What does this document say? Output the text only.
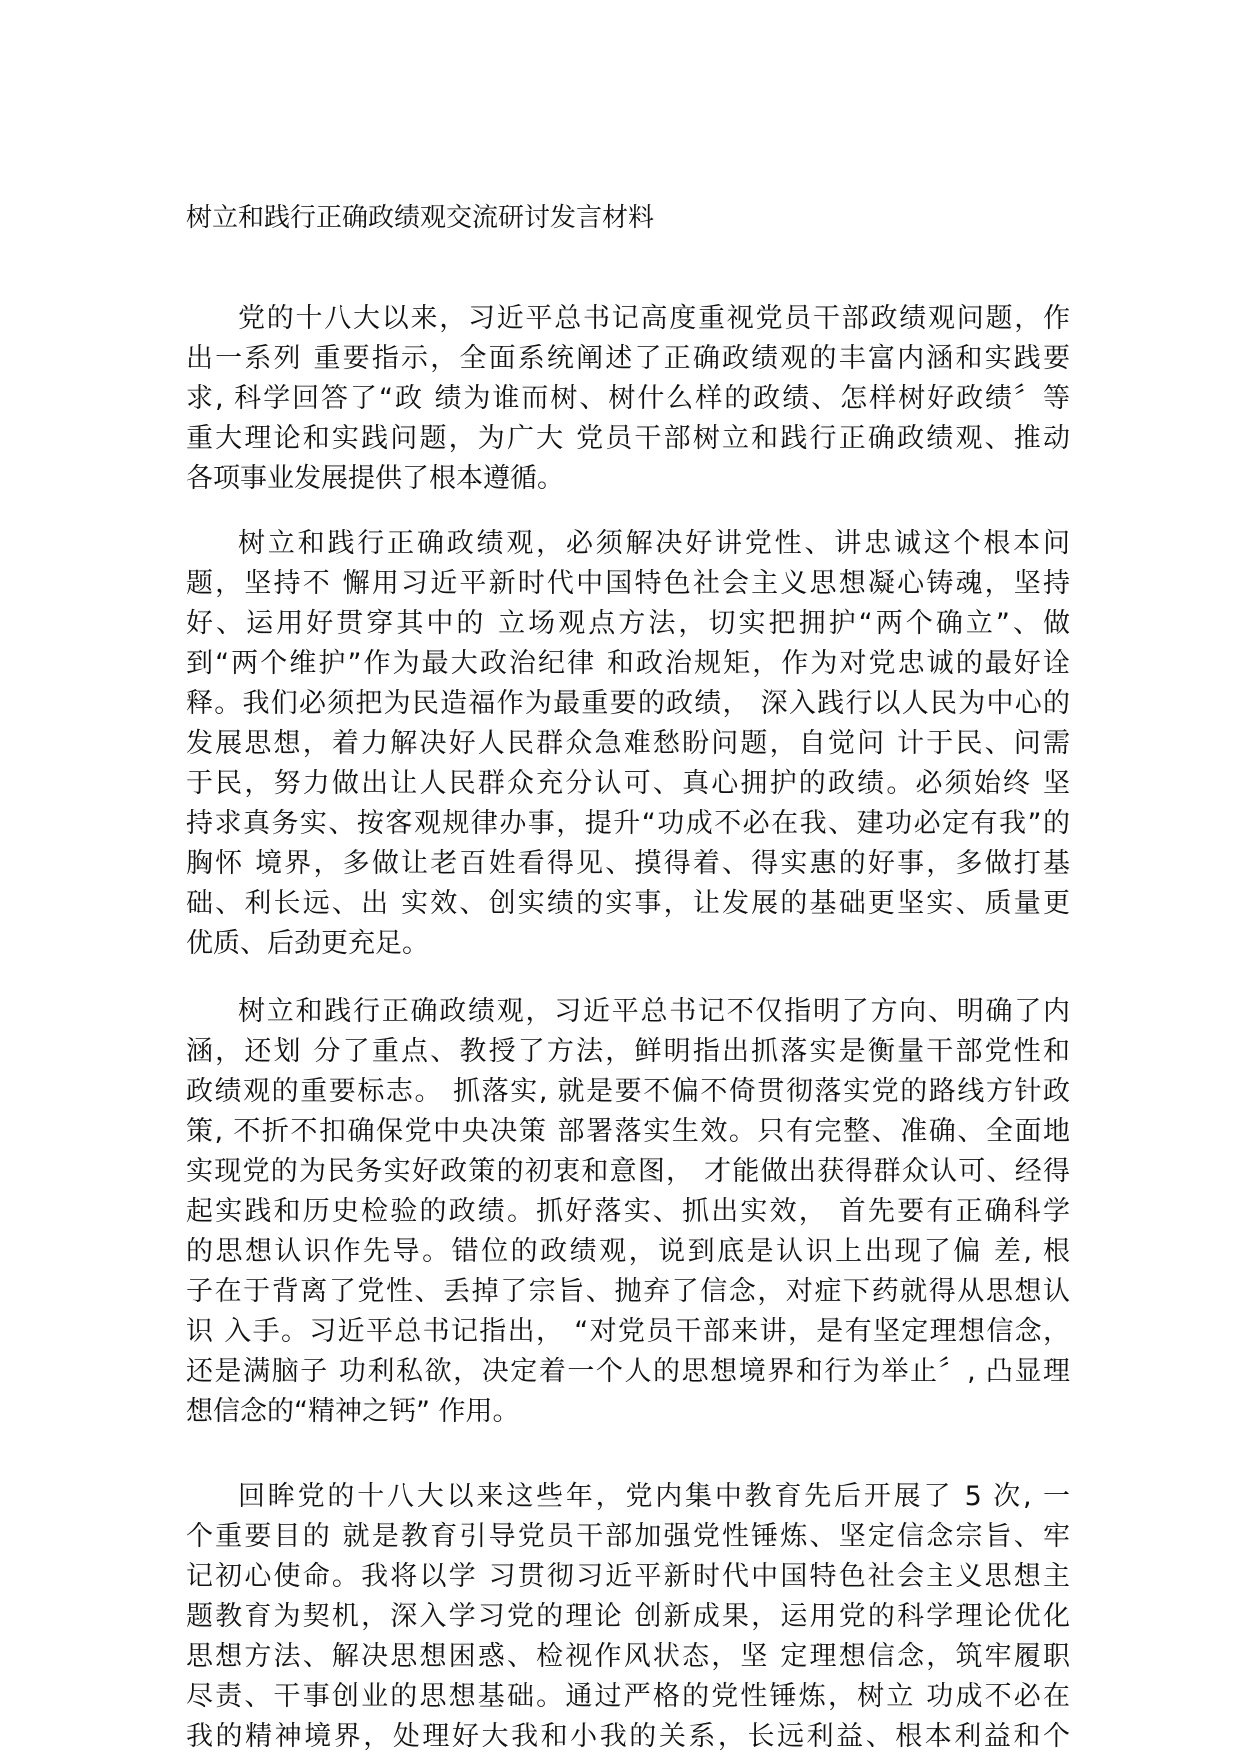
树立和践行正确政绩观交流研讨发言材料
党的十八大以来，习近平总书记高度重视党员干部政绩观问题，作
出一系列 重要指示，全面系统阐述了正确政绩观的丰富内涵和实践要
求, 科学回答了“政 绩为谁而树、树什么样的政绩、怎样树好政绩〞等
重大理论和实践问题，为广大 党员干部树立和践行正确政绩观、推动
各项事业发展提供了根本遵循。
树立和践行正确政绩观，必须解决好讲党性、讲忠诚这个根本问
题，坚持不 懈用习近平新时代中国特色社会主义思想凝心铸魂，坚持
好、运用好贯穿其中的 立场观点方法，切实把拥护“两个确立”、做
到“两个维护”作为最大政治纪律 和政治规矩，作为对党忠诚的最好诠
释。我们必须把为民造福作为最重要的政绩， 深入践行以人民为中心的
发展思想，着力解决好人民群众急难愁盼问题，自觉问 计于民、问需
于民，努力做出让人民群众充分认可、真心拥护的政绩。必须始终 坚
持求真务实、按客观规律办事，提升“功成不必在我、建功必定有我”的
胸怀 境界，多做让老百姓看得见、摸得着、得实惠的好事，多做打基
础、利长远、出 实效、创实绩的实事，让发展的基础更坚实、质量更
优质、后劲更充足。
树立和践行正确政绩观，习近平总书记不仅指明了方向、明确了内
涵，还划 分了重点、教授了方法，鲜明指出抓落实是衡量干部党性和
政绩观的重要标志。 抓落实, 就是要不偏不倚贯彻落实党的路线方针政
策, 不折不扣确保党中央决策 部署落实生效。只有完整、准确、全面地
实现党的为民务实好政策的初衷和意图， 才能做出获得群众认可、经得
起实践和历史检验的政绩。抓好落实、抓出实效， 首先要有正确科学
的思想认识作先导。错位的政绩观，说到底是认识上出现了偏 差, 根
子在于背离了党性、丢掉了宗旨、抛弃了信念，对症下药就得从思想认
识 入手。习近平总书记指出， “对党员干部来讲，是有坚定理想信念，
还是满脑子 功利私欲，决定着一个人的思想境界和行为举止〞, 凸显理
想信念的“精神之钙” 作用。
回眸党的十八大以来这些年，党内集中教育先后开展了 5 次, 一
个重要目的 就是教育引导党员干部加强党性锤炼、坚定信念宗旨、牢
记初心使命。我将以学 习贯彻习近平新时代中国特色社会主义思想主
题教育为契机，深入学习党的理论 创新成果，运用党的科学理论优化
思想方法、解决思想困惑、检视作风状态，坚 定理想信念，筑牢履职
尽责、干事创业的思想基础。通过严格的党性锤炼，树立 功成不必在
我的精神境界，处理好大我和小我的关系，长远利益、根本利益和个
